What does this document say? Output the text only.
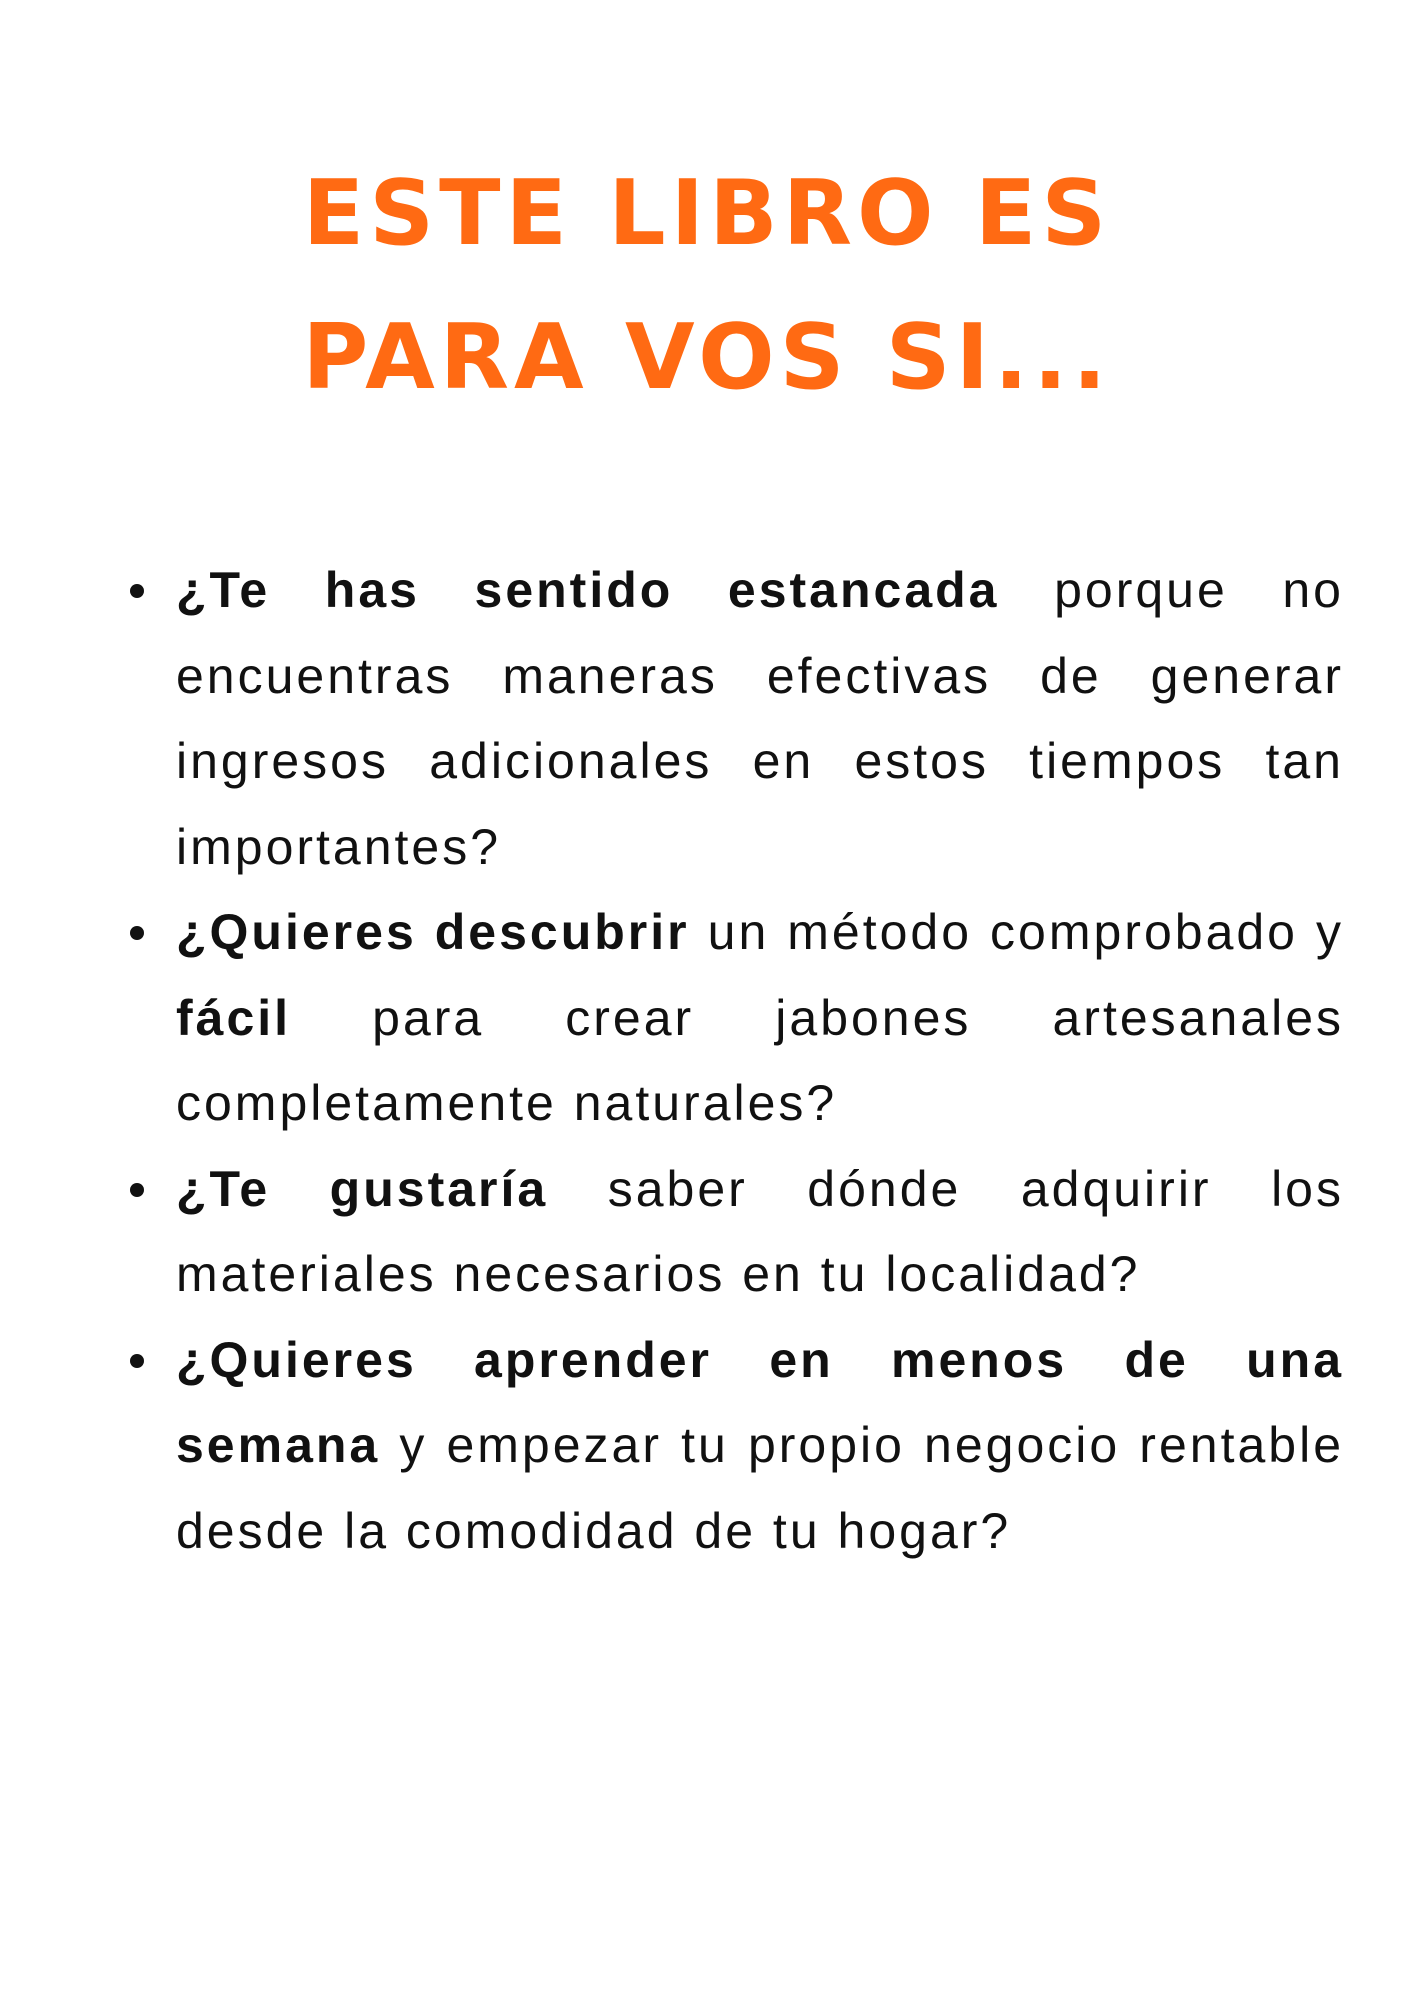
ESTE LIBRO ES
PARA VOS SI...
¿Te has sentido estancada porque no encuentras maneras efectivas de generar ingresos adicionales en estos tiempos tan importantes?
¿Quieres descubrir un método comprobado y fácil para crear jabones artesanales completamente naturales?
¿Te gustaría saber dónde adquirir los materiales necesarios en tu localidad?
¿Quieres aprender en menos de una semana y empezar tu propio negocio rentable desde la comodidad de tu hogar?
